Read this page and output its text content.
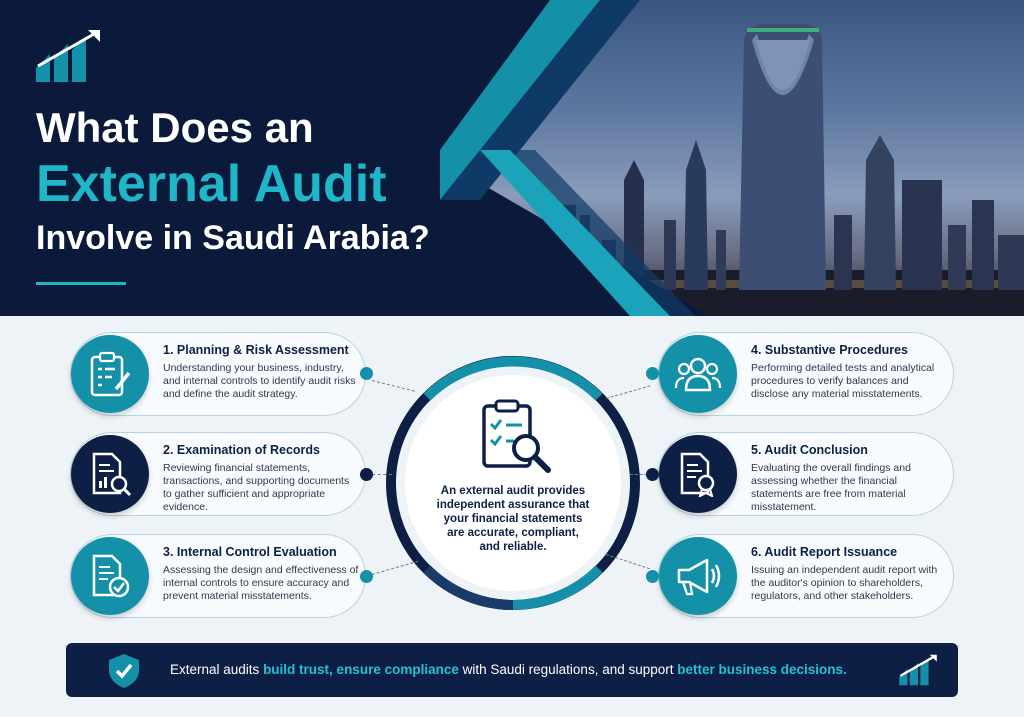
What Does an
External Audit
Involve in Saudi Arabia?
An external audit provides independent assurance that your financial statements are accurate, compliant, and reliable.
1. Planning & Risk Assessment

Understanding your business, industry, and internal controls to identify audit risks and define the audit strategy.

2. Examination of Records

Reviewing financial statements, transactions, and supporting documents to gather sufficient and appropriate evidence.

3. Internal Control Evaluation

Assessing the design and effectiveness of internal controls to ensure accuracy and prevent material misstatements.

4. Substantive Procedures

Performing detailed tests and analytical procedures to verify balances and disclose any material misstatements.

5. Audit Conclusion

Evaluating the overall findings and assessing whether the financial statements are free from material misstatement.

6. Audit Report Issuance

Issuing an independent audit report with the auditor's opinion to shareholders, regulators, and other stakeholders.

External audits build trust, ensure compliance with Saudi regulations, and support better business decisions.
